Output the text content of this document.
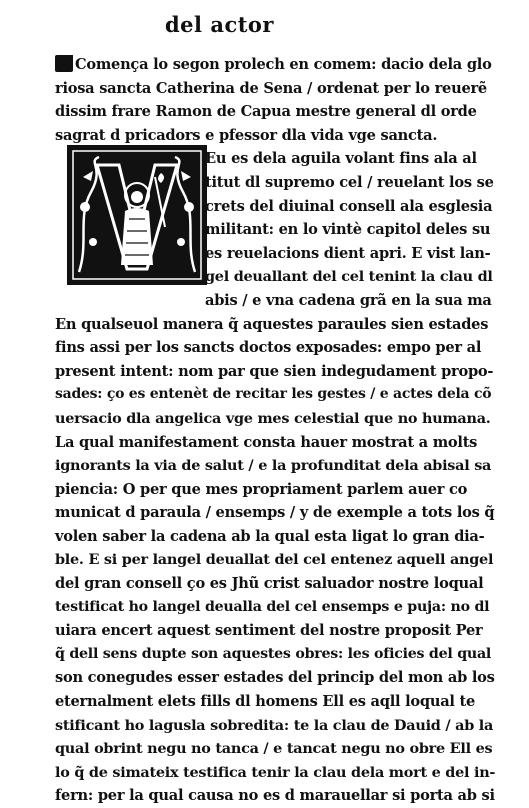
del actor
Comença lo segon prolech en comem: dacio dela glo
riosa sancta Catherina de Sena / ordenat per lo reuerẽ
dissim frare Ramon de Capua mestre general dl orde
sagrat d pricadors e pfessor dla vida vge sancta.
Eu es dela aguila volant fins ala al
titut dl supremo cel / reuelant los se
crets del diuinal consell ala esglesia
militant: en lo vintè capitol deles su
es reuelacions dient apri. E vist lan-
gel deuallant del cel tenint la clau dl
abis / e vna cadena grã en la sua ma
En qualseuol manera q̃ aquestes paraules sien estades
fins assi per los sancts doctos exposades: empo per al
present intent: nom par que sien indegudament propo-
sades: ço es entenèt de recitar les gestes / e actes dela cõ
uersacio dla angelica vge mes celestial que no humana.
La qual manifestament consta hauer mostrat a molts
ignorants la via de salut / e la profunditat dela abisal sa
piencia: O per que mes propriament parlem auer co
municat d paraula / ensemps / y de exemple a tots los q̃
volen saber la cadena ab la qual esta ligat lo gran dia-
ble. E si per langel deuallat del cel entenez aquell angel
del gran consell ço es Jhũ crist saluador nostre loqual
testificat ho langel deualla del cel ensemps e puja: no dl
uiara encert aquest sentiment del nostre proposit Per
q̃ dell sens dupte son aquestes obres: les oficies del qual
son conegudes esser estades del princip del mon ab los
eternalment elets fills dl homens Ell es aqll loqual te
stificant ho lagusla sobredita: te la clau de Dauid / ab la
qual obrint negu no tanca / e tancat negu no obre Ell es
lo q̃ de simateix testifica tenir la clau dela mort e del in-
fern: per la qual causa no es d marauellar si porta ab si
